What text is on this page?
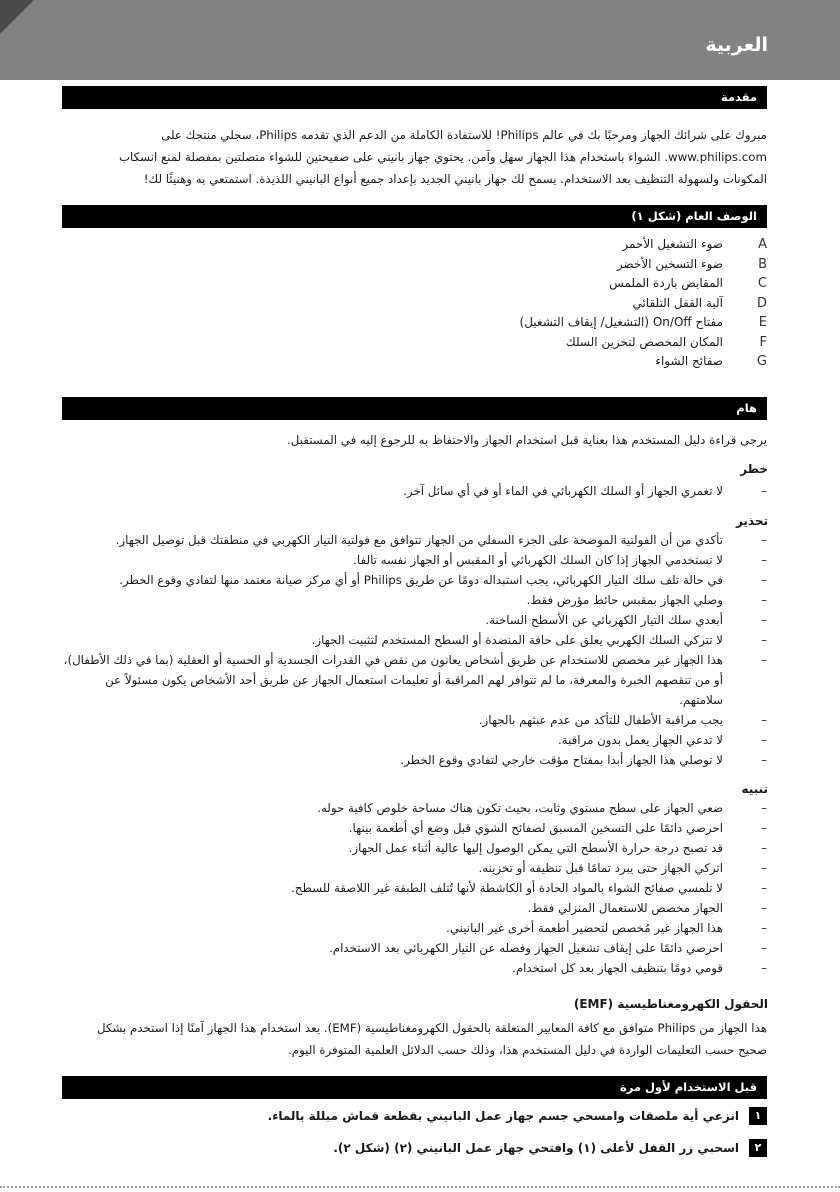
العربية
مقدمة
مبروك على شرائك الجهاز ومرحبًا بك في عالم Philips! للاستفادة الكاملة من الدعم الذي تقدمه Philips، سجلي منتجك على
www.philips.com. الشواء باستخدام هذا الجهاز سهل وآمن. يحتوي جهاز بانيني على صفيحتين للشواء متصلتين بمفصلة لمنع انسكاب
المكونات ولسهولة التنظيف بعد الاستخدام. يسمح لك جهاز بانيني الجديد بإعداد جميع أنواع البانيني اللذيذة. استمتعي به وهنيئًا لك!
الوصف العام (شكل ١)
A
ضوء التشغيل الأحمر
B
ضوء التسخين الأخضر
C
المقابض باردة الملمس
D
آلية القفل التلقائي
E
مفتاح On/Off (التشغيل/ إيقاف التشغيل)
F
المكان المخصص لتخزين السلك
G
صفائح الشواء
هام
يرجى قراءة دليل المستخدم هذا بعناية قبل استخدام الجهاز والاحتفاظ به للرجوع إليه في المستقبل.
خطر
–
لا تغمري الجهاز أو السلك الكهربائي في الماء أو في أي سائل آخر.
تحذير
–
تأكدي من أن الفولتية الموضحة على الجزء السفلي من الجهاز تتوافق مع فولتية التيار الكهربي في منطقتك قبل توصيل الجهاز.
–
لا تستخدمي الجهاز إذا كان السلك الكهربائي أو المقبس أو الجهاز نفسه تالفا.
–
في حالة تلف سلك التيار الكهربائي، يجب استبداله دومًا عن طريق Philips أو أي مركز صيانة معتمد منها لتفادي وقوع الخطر.
–
وصلي الجهاز بمقبس حائط مؤرض فقط.
–
أبعدي سلك التيار الكهربائي عن الأسطح الساخنة.
–
لا تتركي السلك الكهربي يعلق على حافة المنضدة أو السطح المستخدم لتثبيت الجهاز.
–
هذا الجهاز غير مخصص للاستخدام عن طريق أشخاص يعانون من نقص في القدرات الجسدية أو الحسية أو العقلية (بما في ذلك الأطفال)، أو من تنقصهم الخبرة والمعرفة، ما لم تتوافر لهم المراقبة أو تعليمات استعمال الجهاز عن طريق أحد الأشخاص يكون مسئولاً عن سلامتهم.
–
يجب مراقبة الأطفال للتأكد من عدم عبثهم بالجهاز.
–
لا تدعي الجهاز يعمل بدون مراقبة.
–
لا توصلي هذا الجهاز أبدا بمفتاح مؤقت خارجي لتفادي وقوع الخطر.
تنبيه
–
ضعي الجهاز على سطح مستوي وثابت، بحيث تكون هناك مساحة خلوص كافية حوله.
–
احرصي دائمًا على التسخين المسبق لصفائح الشوي قبل وضع أي أطعمة بينها.
–
قد تصبح درجة حرارة الأسطح التي يمكن الوصول إليها عالية أثناء عمل الجهاز.
–
اتركي الجهاز حتى يبرد تمامًا قبل تنظيفه أو تخزينه.
–
لا تلمسي صفائح الشواء بالمواد الحادة أو الكاشطة لأنها تُتلف الطبقة غير اللاصقة للسطح.
–
الجهاز مخصص للاستعمال المنزلي فقط.
–
هذا الجهاز غير مُخصص لتحضير أطعمة أخرى غير البانيني.
–
احرصي دائمًا على إيقاف تشغيل الجهاز وفصله عن التيار الكهربائي بعد الاستخدام.
–
قومي دومًا بتنظيف الجهاز بعد كل استخدام.
الحقول الكهرومغناطيسية (EMF)
هذا الجهاز من Philips متوافق مع كافة المعايير المتعلقة بالحقول الكهرومغناطيسية (EMF). يعد استخدام هذا الجهاز آمنًا إذا استخدم بشكل
صحيح حسب التعليمات الواردة في دليل المستخدم هذا، وذلك حسب الدلائل العلمية المتوفرة اليوم.
قبل الاستخدام لأول مرة
١
انزعي أية ملصقات وامسحي جسم جهاز عمل البانيني بقطعة قماش مبللة بالماء.
٢
اسحبي زر القفل لأعلى (١) وافتحي جهاز عمل البانيني (٢) (شكل ٢).
